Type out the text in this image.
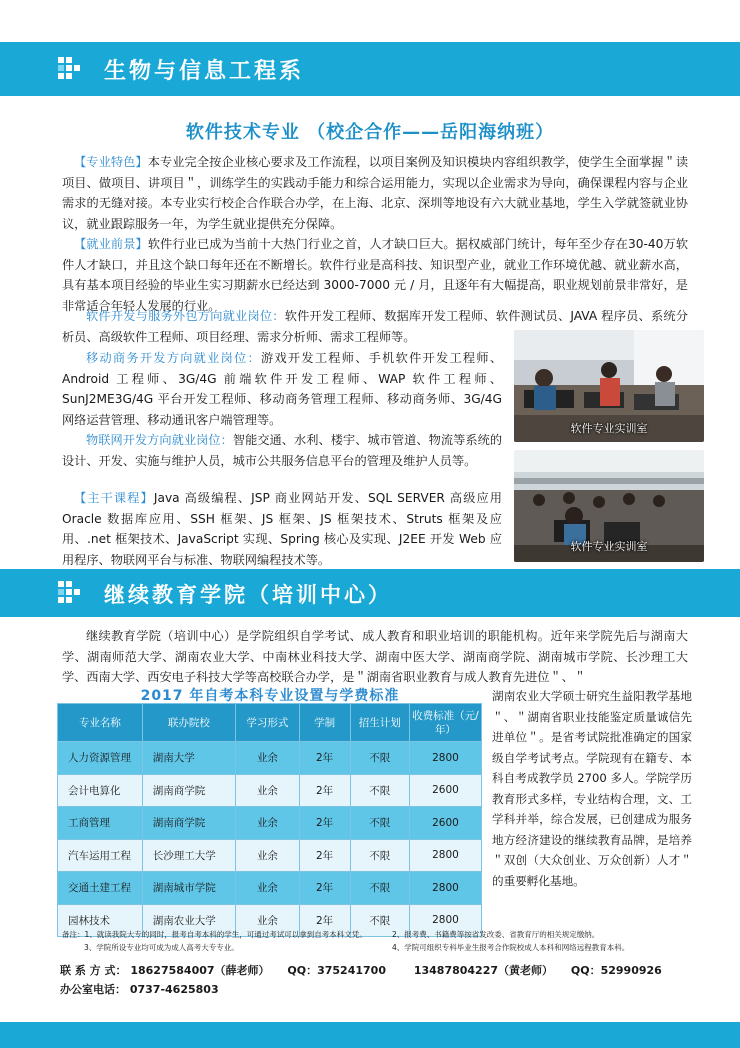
生物与信息工程系
软件技术专业 （校企合作——岳阳海纳班）
【专业特色】本专业完全按企业核心要求及工作流程，以项目案例及知识模块内容组织教学，使学生全面掌握＂读项目、做项目、讲项目＂，训练学生的实践动手能力和综合运用能力，实现以企业需求为导向，确保课程内容与企业需求的无缝对接。本专业实行校企合作联合办学，在上海、北京、深圳等地设有六大就业基地，学生入学就签就业协议，就业跟踪服务一年，为学生就业提供充分保障。
【就业前景】软件行业已成为当前十大热门行业之首，人才缺口巨大。据权威部门统计，每年至少存在30-40万软件人才缺口，并且这个缺口每年还在不断增长。软件行业是高科技、知识型产业，就业工作环境优越、就业薪水高，具有基本项目经验的毕业生实习期薪水已经达到 3000-7000 元 / 月，且逐年有大幅提高，职业规划前景非常好，是非常适合年轻人发展的行业。
软件开发与服务外包方向就业岗位：软件开发工程师、数据库开发工程师、软件测试员、JAVA 程序员、系统分析员、高级软件工程师、项目经理、需求分析师、需求工程师等。
移动商务开发方向就业岗位：游戏开发工程师、手机软件开发工程师、Android 工程师、3G/4G 前端软件开发工程师、WAP 软件工程师、SunJ2ME3G/4G 平台开发工程师、移动商务管理工程师、移动商务师、3G/4G 网络运营管理、移动通讯客户端管理等。
物联网开发方向就业岗位：智能交通、水利、楼宇、城市管道、物流等系统的设计、开发、实施与维护人员，城市公共服务信息平台的管理及维护人员等。
【主干课程】Java 高级编程、JSP 商业网站开发、SQL SERVER 高级应用 Oracle 数据库应用、SSH 框架、JS 框架、JS 框架技术、Struts 框架及应用、.net 框架技术、JavaScript 实现、Spring 核心及实现、J2EE 开发 Web 应用程序、物联网平台与标准、物联网编程技术等。
软件专业实训室
软件专业实训室
继续教育学院（培训中心）
继续教育学院（培训中心）是学院组织自学考试、成人教育和职业培训的职能机构。近年来学院先后与湖南大学、湖南师范大学、湖南农业大学、中南林业科技大学、湖南中医大学、湖南商学院、湖南城市学院、长沙理工大学、西南大学、西安电子科技大学等高校联合办学，是＂湖南省职业教育与成人教育先进位＂、＂
2017 年自考本科专业设置与学费标准
专业名称	联办院校	学习形式	学制	招生计划	收费标准（元/年）
人力资源管理	湖南大学	业余	2年	不限	2800
会计电算化	湖南商学院	业余	2年	不限	2600
工商管理	湖南商学院	业余	2年	不限	2600
汽车运用工程	长沙理工大学	业余	2年	不限	2800
交通土建工程	湖南城市学院	业余	2年	不限	2800
园林技术	湖南农业大学	业余	2年	不限	2800
湖南农业大学硕士研究生益阳教学基地＂、＂湖南省职业技能鉴定质量诚信先进单位＂。是省考试院批准确定的国家级自学考试考点。学院现有在籍专、本科自考成教学员 2700 多人。学院学历教育形式多样，专业结构合理，文、工学科并举，综合发展，已创建成为服务地方经济建设的继续教育品牌，是培养＂双创（大众创业、万众创新）人才＂的重要孵化基地。
备注：1、就读我院大专的同时，报考自考本科的学生，可通过考试可以拿到自考本科文凭。	2、报考费、书籍费等按省发改委、省教育厅的相关规定缴纳。
3、学院所设专业均可成为成人高考大专专业。	4、学院可组织专科毕业生报考合作院校成人本科和网络远程教育本科。
联 系 方 式： 18627584007（薛老师） QQ：375241700	13487804227（黄老师） QQ：52990926
办公室电话： 0737-4625803
